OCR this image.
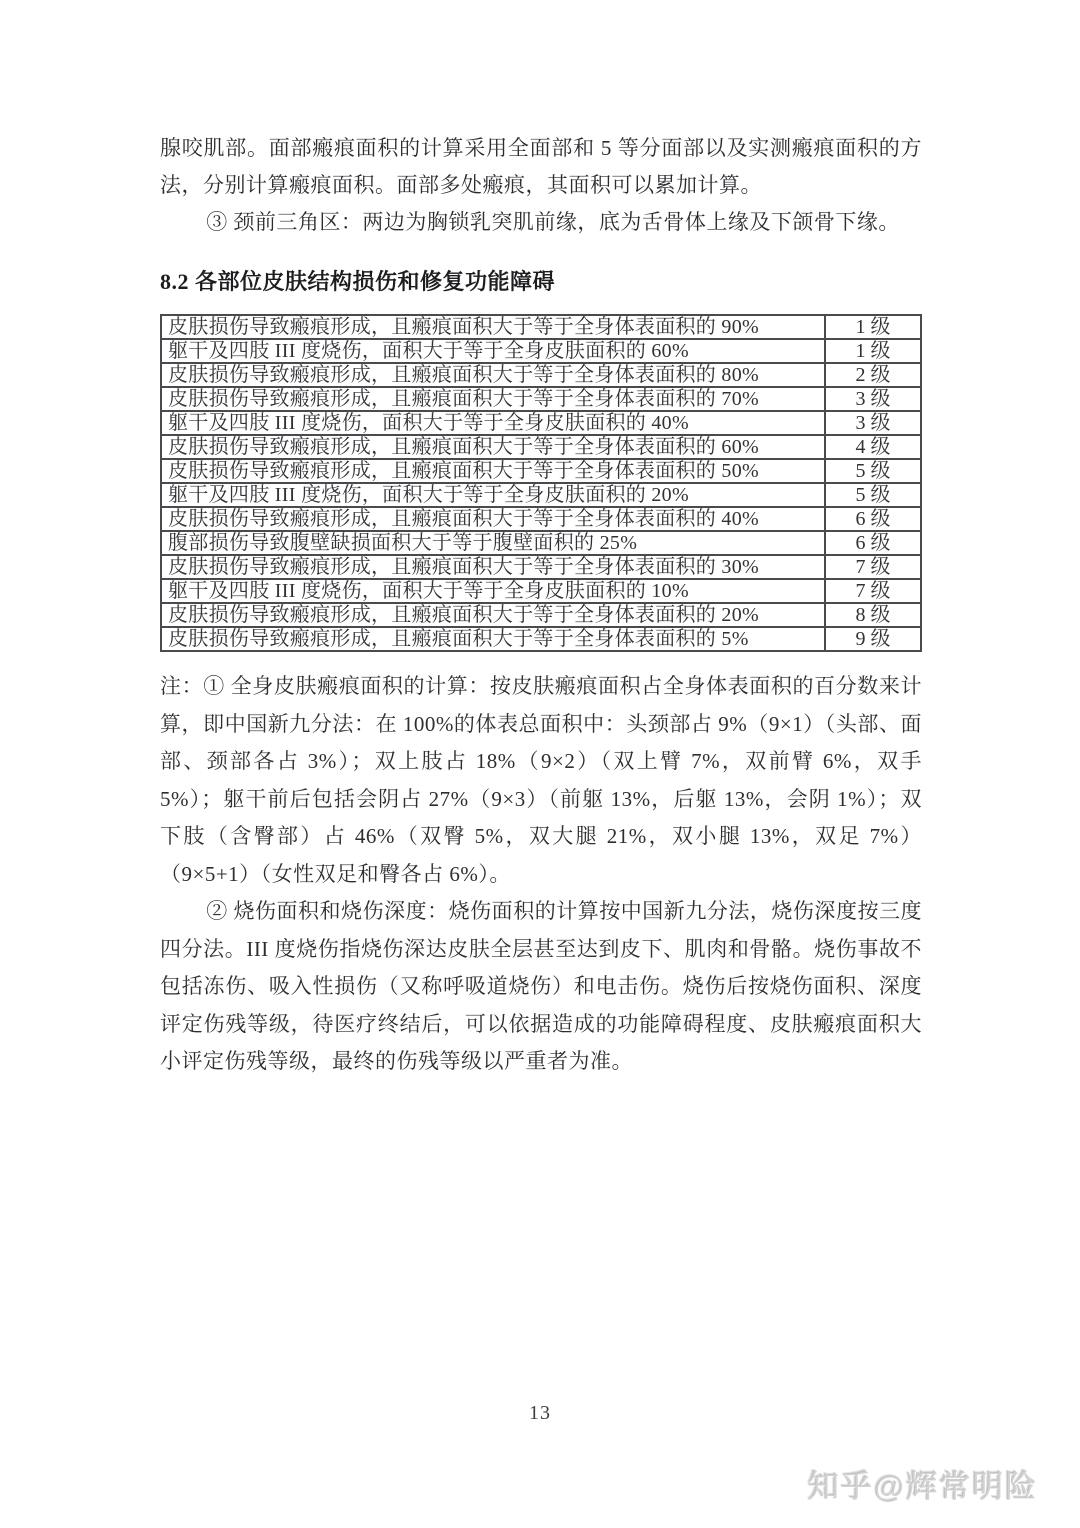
腺咬肌部。面部瘢痕面积的计算采用全面部和 5 等分面部以及实测瘢痕面积的方法，分别计算瘢痕面积。面部多处瘢痕，其面积可以累加计算。

③ 颈前三角区：两边为胸锁乳突肌前缘，底为舌骨体上缘及下颌骨下缘。

8.2 各部位皮肤结构损伤和修复功能障碍
皮肤损伤导致瘢痕形成，且瘢痕面积大于等于全身体表面积的 90%	1 级
躯干及四肢 III 度烧伤，面积大于等于全身皮肤面积的 60%	1 级
皮肤损伤导致瘢痕形成，且瘢痕面积大于等于全身体表面积的 80%	2 级
皮肤损伤导致瘢痕形成，且瘢痕面积大于等于全身体表面积的 70%	3 级
躯干及四肢 III 度烧伤，面积大于等于全身皮肤面积的 40%	3 级
皮肤损伤导致瘢痕形成，且瘢痕面积大于等于全身体表面积的 60%	4 级
皮肤损伤导致瘢痕形成，且瘢痕面积大于等于全身体表面积的 50%	5 级
躯干及四肢 III 度烧伤，面积大于等于全身皮肤面积的 20%	5 级
皮肤损伤导致瘢痕形成，且瘢痕面积大于等于全身体表面积的 40%	6 级
腹部损伤导致腹壁缺损面积大于等于腹壁面积的 25%	6 级
皮肤损伤导致瘢痕形成，且瘢痕面积大于等于全身体表面积的 30%	7 级
躯干及四肢 III 度烧伤，面积大于等于全身皮肤面积的 10%	7 级
皮肤损伤导致瘢痕形成，且瘢痕面积大于等于全身体表面积的 20%	8 级
皮肤损伤导致瘢痕形成，且瘢痕面积大于等于全身体表面积的 5%	9 级

注：① 全身皮肤瘢痕面积的计算：按皮肤瘢痕面积占全身体表面积的百分数来计算，即中国新九分法：在 100%的体表总面积中：头颈部占 9%（9×1）（头部、面部、颈部各占 3%）；双上肢占 18%（9×2）（双上臂 7%，双前臂 6%，双手 5%）；躯干前后包括会阴占 27%（9×3）（前躯 13%，后躯 13%，会阴 1%）；双下肢（含臀部）占 46%（双臀 5%，双大腿 21%，双小腿 13%，双足 7%）（9×5+1）（女性双足和臀各占 6%）。

② 烧伤面积和烧伤深度：烧伤面积的计算按中国新九分法，烧伤深度按三度四分法。III 度烧伤指烧伤深达皮肤全层甚至达到皮下、肌肉和骨骼。烧伤事故不包括冻伤、吸入性损伤（又称呼吸道烧伤）和电击伤。烧伤后按烧伤面积、深度评定伤残等级，待医疗终结后，可以依据造成的功能障碍程度、皮肤瘢痕面积大小评定伤残等级，最终的伤残等级以严重者为准。

13
知乎@辉常明险
